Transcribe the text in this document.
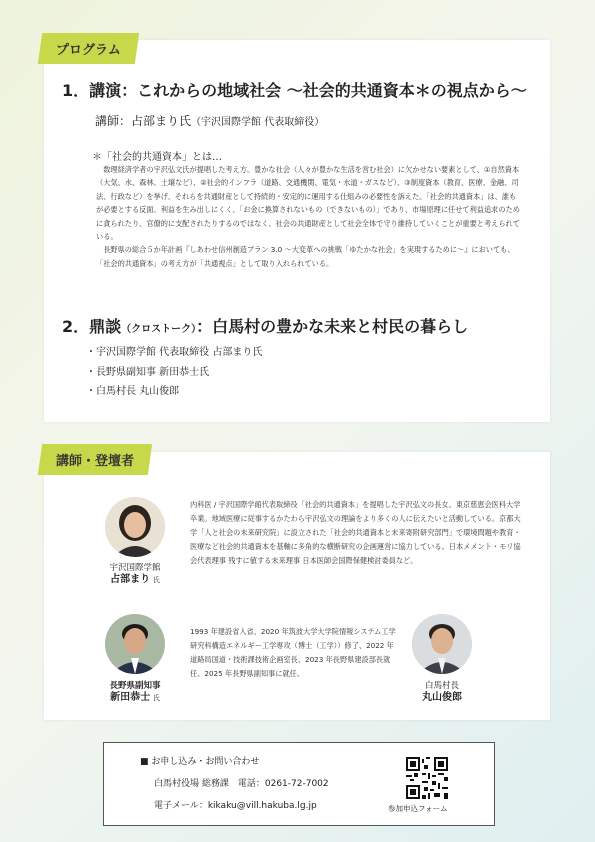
プログラム
1．講演：これからの地域社会 〜社会的共通資本＊の視点から〜
講師：占部まり氏（宇沢国際学館 代表取締役）
＊「社会的共通資本」とは…

数理経済学者の宇沢弘文氏が提唱した考え方。豊かな社会（人々が豊かな生活を営む社会）に欠かせない要素として、①自然資本（大気、水、森林、土壌など）、②社会的インフラ（道路、交通機関、電気・水道・ガスなど）、③制度資本（教育、医療、金融、司法、行政など）を挙げ、それらを共通財産として持続的・安定的に運用する仕組みの必要性を訴えた。「社会的共通資本」は、誰もが必要とする反面、利益を生み出しにくく、「お金に換算されないもの（できないもの）」であり、市場原理に任せて利益追求のために貪られたり、官僚的に支配されたりするのではなく、社会の共通財産として社会全体で守り維持していくことが重要と考えられている。

長野県の総合５か年計画『しあわせ信州創造プラン 3.0 〜大変革への挑戦「ゆたかな社会」を実現するために〜』においても、「社会的共通資本」の考え方が「共通視点」として取り入れられている。

2．鼎談（クロストーク）：白馬村の豊かな未来と村民の暮らし
・宇沢国際学館 代表取締役 占部まり氏
・長野県副知事 新田恭士氏
・白馬村長 丸山俊郎
講師・登壇者
宇沢国際学館
占部まり 氏

内科医 / 宇沢国際学館代表取締役「社会的共通資本」を提唱した宇沢弘文の長女。東京慈恵会医科大学卒業。地域医療に従事するかたわら宇沢弘文の理論をより多くの人に伝えたいと活動している。京都大学「人と社会の未来研究院」に設立された「社会的共通資本と未来寄附研究部門」で環境問題や教育・医療など社会的共通資本を基軸に多角的な横断研究の企画運営に協力している。日本メメント・モリ協会代表理事 残すに値する未来理事 日本医師会国際保健検討委員など。

長野県副知事
新田恭士 氏

1993 年建設省入省、2020 年筑波大学大学院情報システム工学研究科構造エネルギー工学専攻（博士（工学））修了、2022 年道路局国道・技術課技術企画室長、2023 年長野県建設部長就任、2025 年長野県副知事に就任。

白馬村長
丸山俊郎
■ お申し込み・お問い合わせ
白馬村役場 総務課　電話：0261-72-7002
電子メール：kikaku@vill.hakuba.lg.jp	参加申込フォーム
